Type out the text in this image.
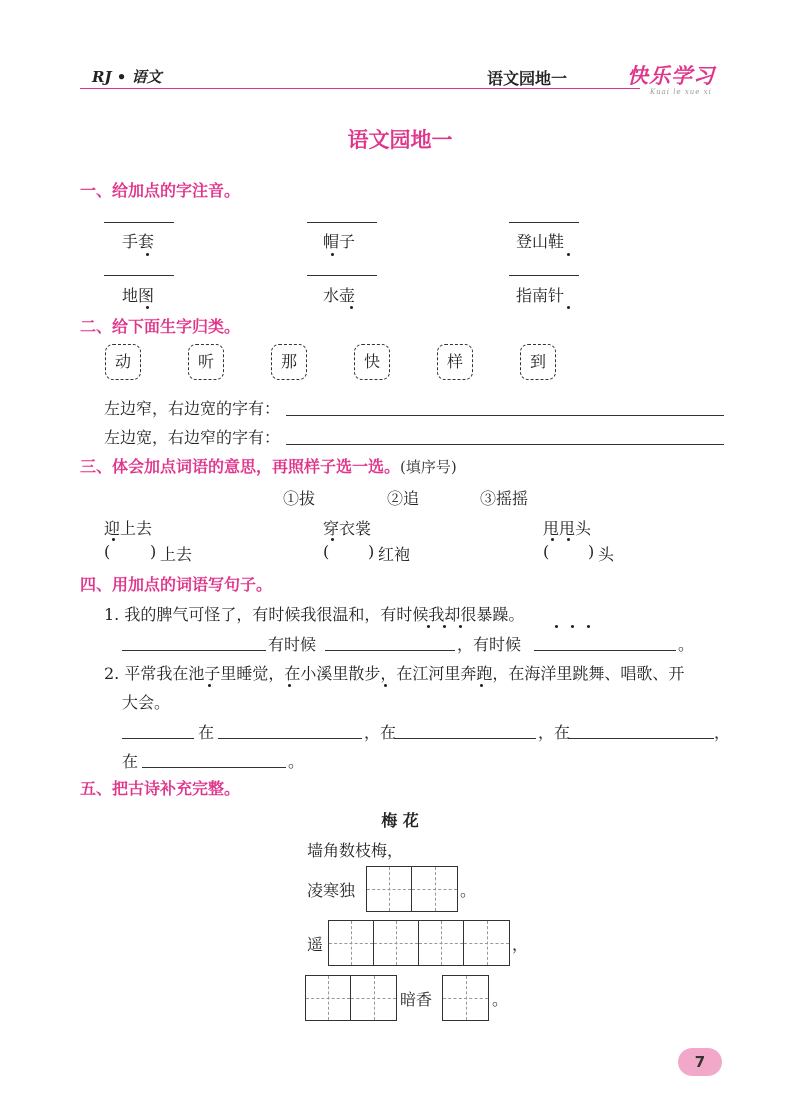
RJ • 语文	语文园地一	快乐学习
Kuai le xue xi
语文园地一
一、给加点的字注音。
手套	帽子	登山鞋
地图	水壶	指南针
二、给下面生字归类。
动	听	那	快	样	到
左边窄，右边宽的字有：
左边宽，右边窄的字有：
三、体会加点词语的意思，再照样子选一选。(填序号)
①拔	②追	③摇摇
迎上去	穿衣裳	甩甩头
( ) 上去	( ) 红袍	( ) 头
四、用加点的词语写句子。
1. 我的脾气可怪了，有时候我很温和，有时候我却很暴躁。
有时候	，有时候	。
2. 平常我在池子里睡觉，在小溪里散步，在江河里奔跑，在海洋里跳舞、唱歌、开
大会。
在	，在	，在	，
在	。
五、把古诗补充完整。
梅 花
墙角数枝梅，
凌寒独	。
遥	，
暗香	。
7
